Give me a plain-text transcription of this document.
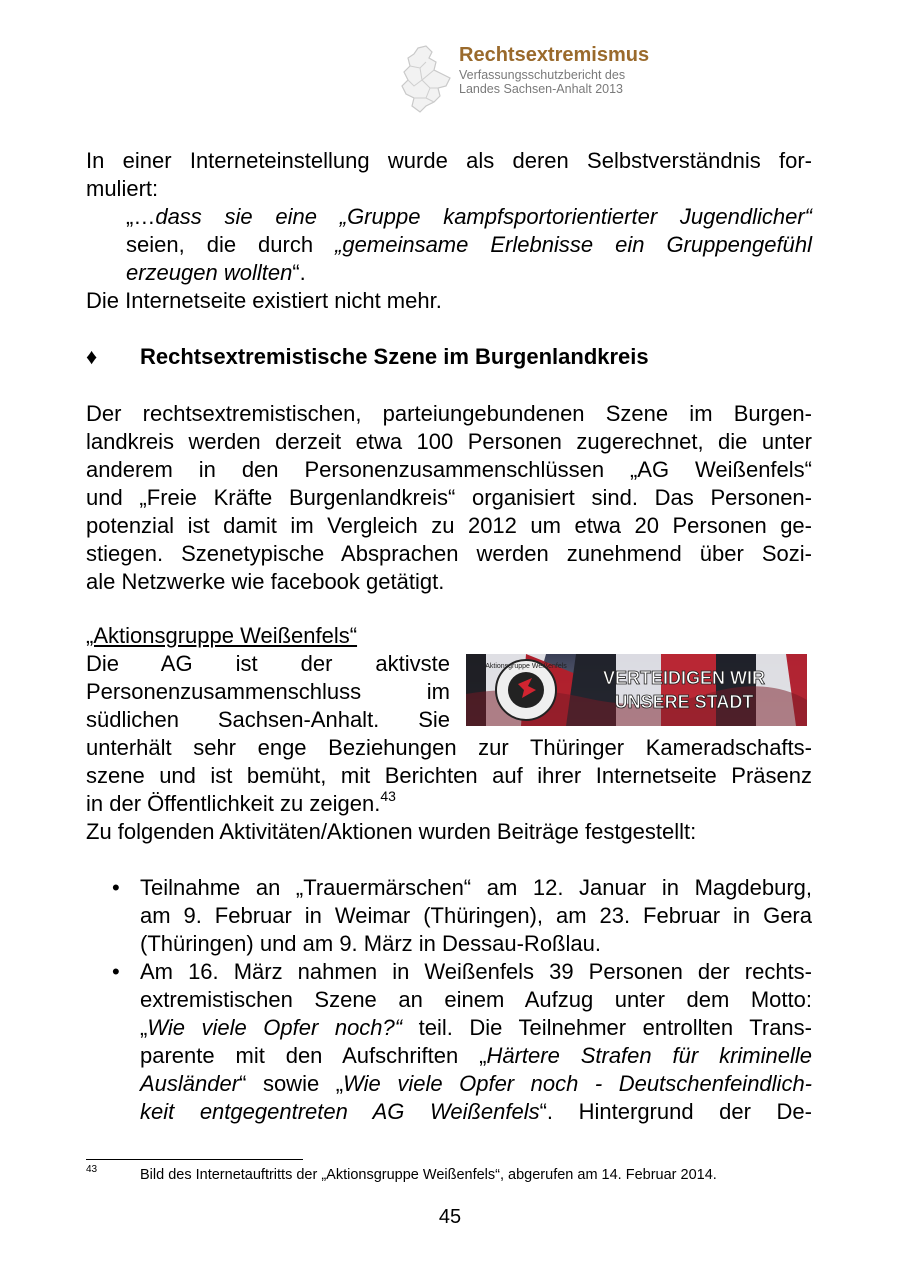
Rechtsextremismus
Verfassungsschutzbericht des
Landes Sachsen-Anhalt 2013
In einer Interneteinstellung wurde als deren Selbstverständnis for-
muliert:
„…dass sie eine „Gruppe kampfsportorientierter Jugendlicher“
seien, die durch „gemeinsame Erlebnisse ein Gruppengefühl
erzeugen wollten“.
Die Internetseite existiert nicht mehr.
♦ Rechtsextremistische Szene im Burgenlandkreis
Der rechtsextremistischen, parteiungebundenen Szene im Burgen-
landkreis werden derzeit etwa 100 Personen zugerechnet, die unter
anderem in den Personenzusammenschlüssen „AG Weißenfels“
und „Freie Kräfte Burgenlandkreis“ organisiert sind. Das Personen-
potenzial ist damit im Vergleich zu 2012 um etwa 20 Personen ge-
stiegen. Szenetypische Absprachen werden zunehmend über Sozi-
ale Netzwerke wie facebook getätigt.
„Aktionsgruppe Weißenfels“
Die AG ist der aktivste
Personenzusammenschluss im
südlichen Sachsen-Anhalt. Sie
Aktionsgruppe Weißenfels
VERTEIDIGEN WIR
UNSERE STADT
unterhält sehr enge Beziehungen zur Thüringer Kameradschafts-
szene und ist bemüht, mit Berichten auf ihrer Internetseite Präsenz
in der Öffentlichkeit zu zeigen.$^{43}$
Zu folgenden Aktivitäten/Aktionen wurden Beiträge festgestellt:
• Teilnahme an „Trauermärschen“ am 12. Januar in Magdeburg,
am 9. Februar in Weimar (Thüringen), am 23. Februar in Gera
(Thüringen) und am 9. März in Dessau-Roßlau.
• Am 16. März nahmen in Weißenfels 39 Personen der rechts-
extremistischen Szene an einem Aufzug unter dem Motto:
„Wie viele Opfer noch?“ teil. Die Teilnehmer entrollten Trans-
parente mit den Aufschriften „Härtere Strafen für kriminelle
Ausländer“ sowie „Wie viele Opfer noch - Deutschenfeindlich-
keit entgegentreten AG Weißenfels“. Hintergrund der De-
43	Bild des Internetauftritts der „Aktionsgruppe Weißenfels“, abgerufen am 14. Februar 2014.
45
